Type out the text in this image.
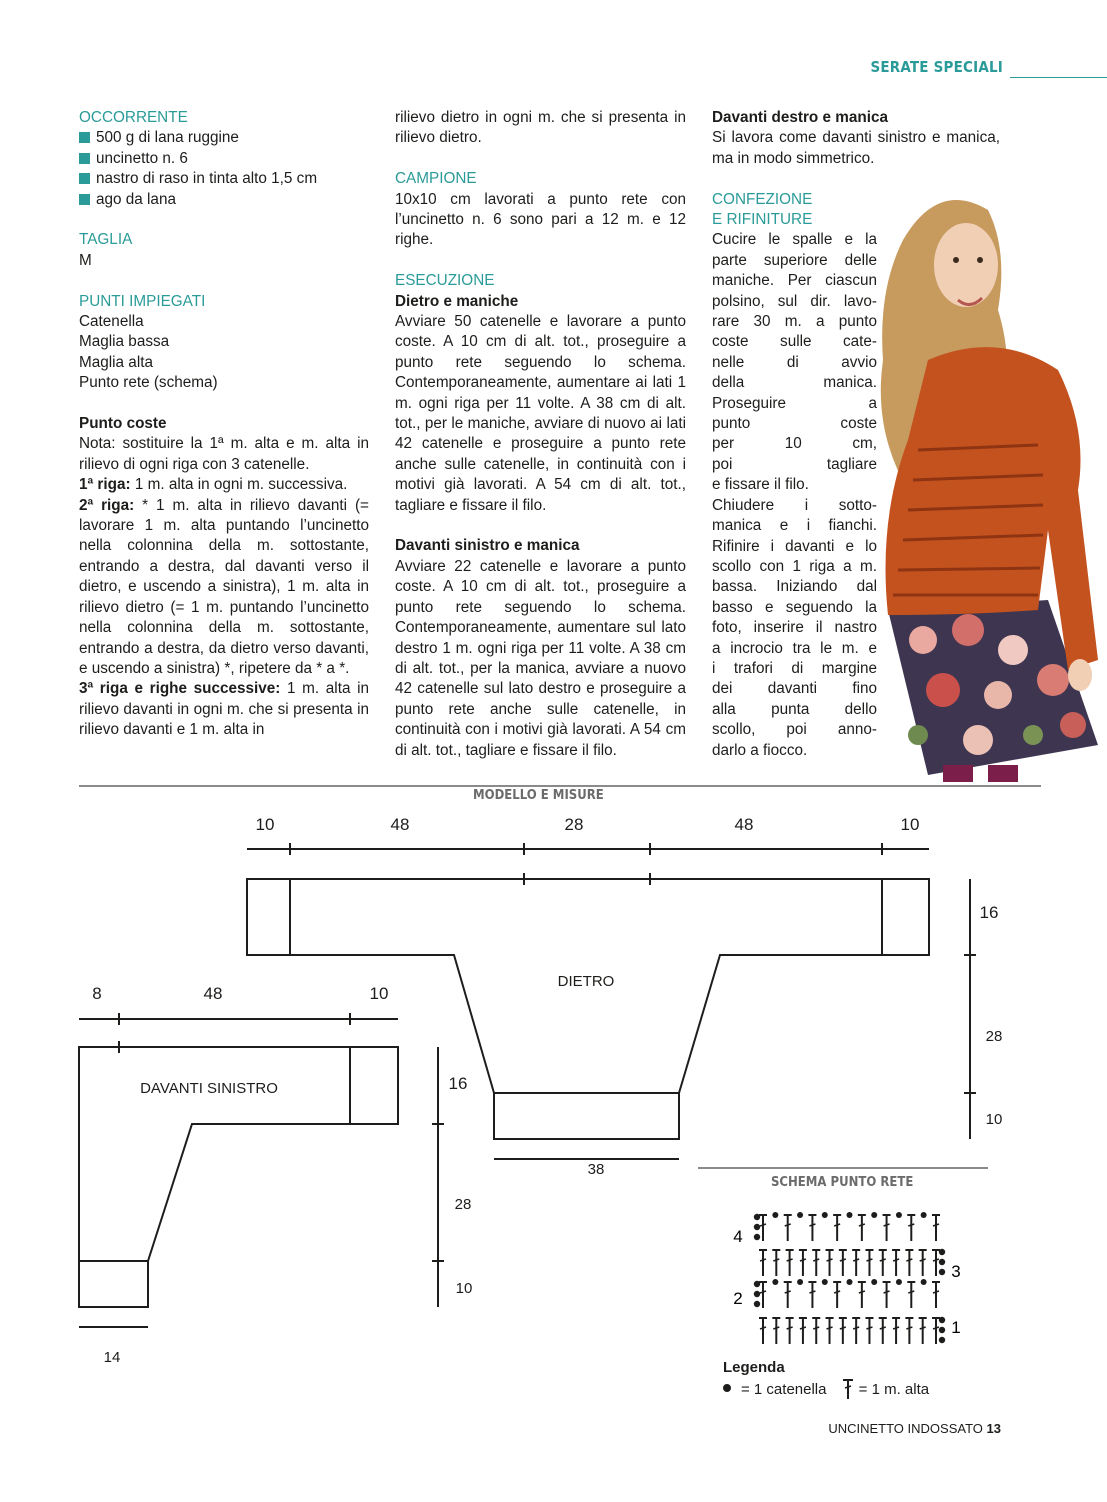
SERATE SPECIALI

OCCORRENTE

500 g di lana ruggine

uncinetto n. 6

nastro di raso in tinta alto 1,5 cm

ago da lana

TAGLIA

M

PUNTI IMPIEGATI

Catenella

Maglia bassa

Maglia alta

Punto rete (schema)

Punto coste

Nota: sostituire la 1ª m. alta e m. alta in rilievo di ogni riga con 3 catenelle.

1ª riga: 1 m. alta in ogni m. successiva.

2ª riga: * 1 m. alta in rilievo davanti (= lavorare 1 m. alta puntando l’uncinetto nella colonnina della m. sottostante, entrando a destra, dal davanti verso il dietro, e uscendo a sinistra), 1 m. alta in rilievo dietro (= 1 m. puntando l’uncinetto nella colonnina della m. sottostante, entrando a destra, da dietro verso davanti, e uscendo a sinistra) *, ripetere da * a *.

3ª riga e righe successive: 1 m. alta in rilievo davanti in ogni m. che si presenta in rilievo davanti e 1 m. alta in

rilievo dietro in ogni m. che si presenta in rilievo dietro.

CAMPIONE

10x10 cm lavorati a punto rete con l’uncinetto n. 6 sono pari a 12 m. e 12 righe.

ESECUZIONE

Dietro e maniche

Avviare 50 catenelle e lavorare a punto coste. A 10 cm di alt. tot., proseguire a punto rete seguendo lo schema. Contemporaneamente, aumentare ai lati 1 m. ogni riga per 11 volte. A 38 cm di alt. tot., per le maniche, avviare di nuovo ai lati 42 catenelle e proseguire a punto rete anche sulle catenelle, in continuità con i motivi già lavorati. A 54 cm di alt. tot., tagliare e fissare il filo.

Davanti sinistro e manica

Avviare 22 catenelle e lavorare a punto coste. A 10 cm di alt. tot., proseguire a punto rete seguendo lo schema. Contemporaneamente, aumentare sul lato destro 1 m. ogni riga per 11 volte. A 38 cm di alt. tot., per la manica, avviare a nuovo 42 catenelle sul lato destro e proseguire a punto rete anche sulle catenelle, in continuità con i motivi già lavorati. A 54 cm di alt. tot., tagliare e fissare il filo.

Davanti destro e manica

Si lavora come davanti sinistro e manica, ma in modo simmetrico.

CONFEZIONE

E RIFINITURE

Cucire le spalle e la

parte superiore delle

maniche. Per ciascun

polsino, sul dir. lavo-

rare 30 m. a punto

coste sulle cate-

nelle di avvio

della manica.

Proseguire a

punto coste

per 10 cm,

poi tagliare

e fissare il filo.

Chiudere i sotto-

manica e i fianchi.

Rifinire i davanti e lo

scollo con 1 riga a m.

bassa. Iniziando dal

basso e seguendo la

foto, inserire il nastro

a incrocio tra le m. e

i trafori di margine

dei davanti fino

alla punta dello

scollo, poi anno-

darlo a fiocco.

MODELLO E MISURE
10	48	28	48	10
16
16
8	48	10
DIETRO
DAVANTI SINISTRO
28
10
38
28
10
14
SCHEMA PUNTO RETE
4
3
2
1
Legenda
= 1 catenella = 1 m. alta
UNCINETTO INDOSSATO 13
